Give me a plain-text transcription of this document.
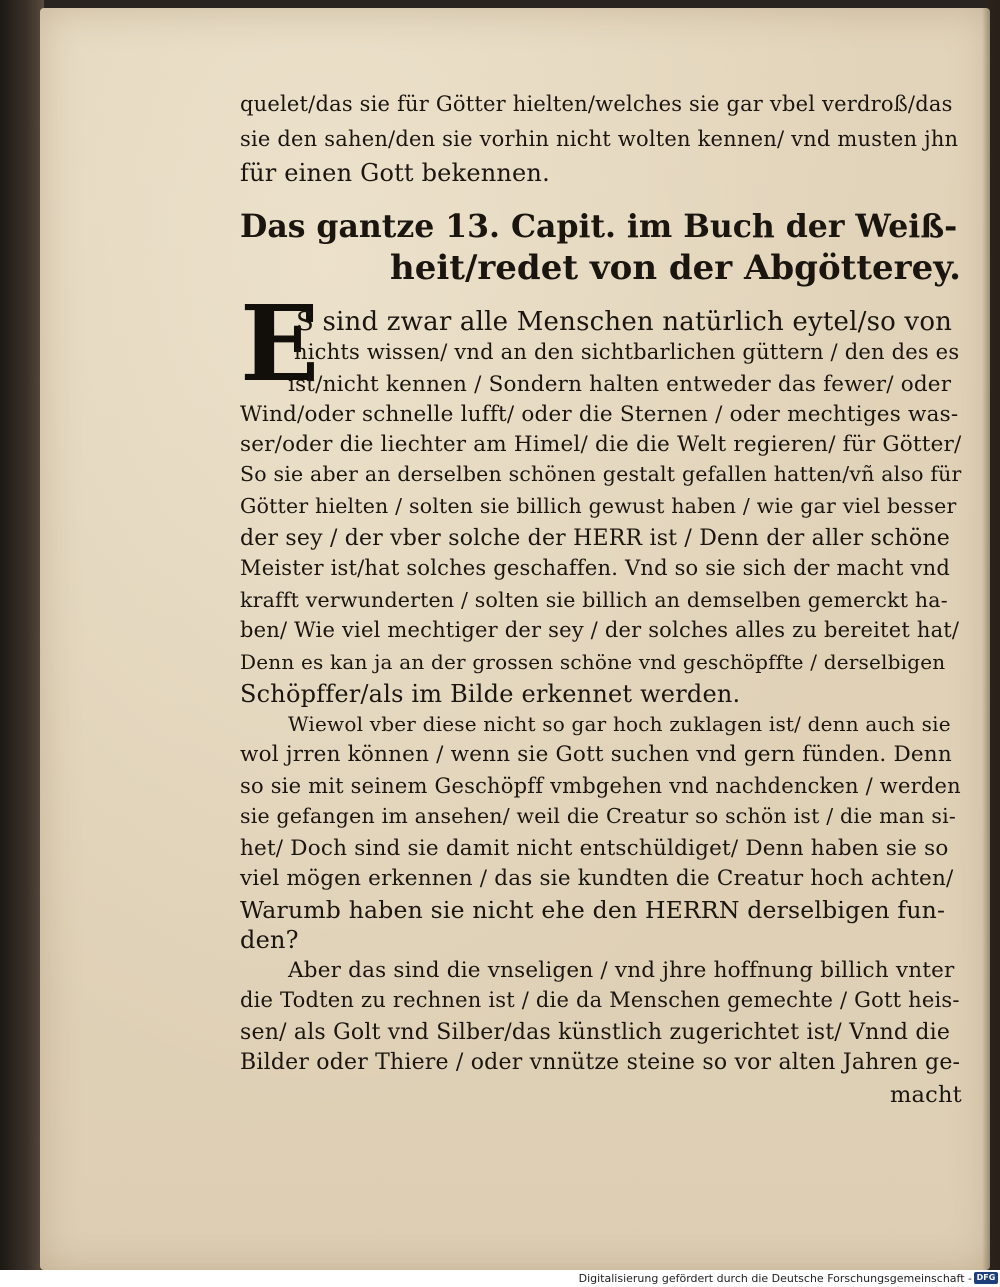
quelet/das sie für Götter hielten/welches sie gar vbel verdroß/das
sie den sahen/den sie vorhin nicht wolten kennen/ vnd musten jhn
für einen Gott bekennen.
Das gantze 13. Capit. im Buch der Weiß-
heit/redet von der Abgötterey.
E
S sind zwar alle Menschen natürlich eytel/so von
nichts wissen/ vnd an den sichtbarlichen güttern / den des es
ist/nicht kennen / Sondern halten entweder das fewer/ oder
Wind/oder schnelle lufft/ oder die Sternen / oder mechtiges was-
ser/oder die liechter am Himel/ die die Welt regieren/ für Götter/
So sie aber an derselben schönen gestalt gefallen hatten/vñ also für
Götter hielten / solten sie billich gewust haben / wie gar viel besser
der sey / der vber solche der HERR ist / Denn der aller schöne
Meister ist/hat solches geschaffen. Vnd so sie sich der macht vnd
krafft verwunderten / solten sie billich an demselben gemerckt ha-
ben/ Wie viel mechtiger der sey / der solches alles zu bereitet hat/
Denn es kan ja an der grossen schöne vnd geschöpffte / derselbigen
Schöpffer/als im Bilde erkennet werden.
Wiewol vber diese nicht so gar hoch zuklagen ist/ denn auch sie
wol jrren können / wenn sie Gott suchen vnd gern fünden. Denn
so sie mit seinem Geschöpff vmbgehen vnd nachdencken / werden
sie gefangen im ansehen/ weil die Creatur so schön ist / die man si-
het/ Doch sind sie damit nicht entschüldiget/ Denn haben sie so
viel mögen erkennen / das sie kundten die Creatur hoch achten/
Warumb haben sie nicht ehe den HERRN derselbigen fun-
den?
Aber das sind die vnseligen / vnd jhre hoffnung billich vnter
die Todten zu rechnen ist / die da Menschen gemechte / Gott heis-
sen/ als Golt vnd Silber/das künstlich zugerichtet ist/ Vnnd die
Bilder oder Thiere / oder vnnütze steine so vor alten Jahren ge-
macht
Digitalisierung gefördert durch die Deutsche Forschungsgemeinschaft - DFG
